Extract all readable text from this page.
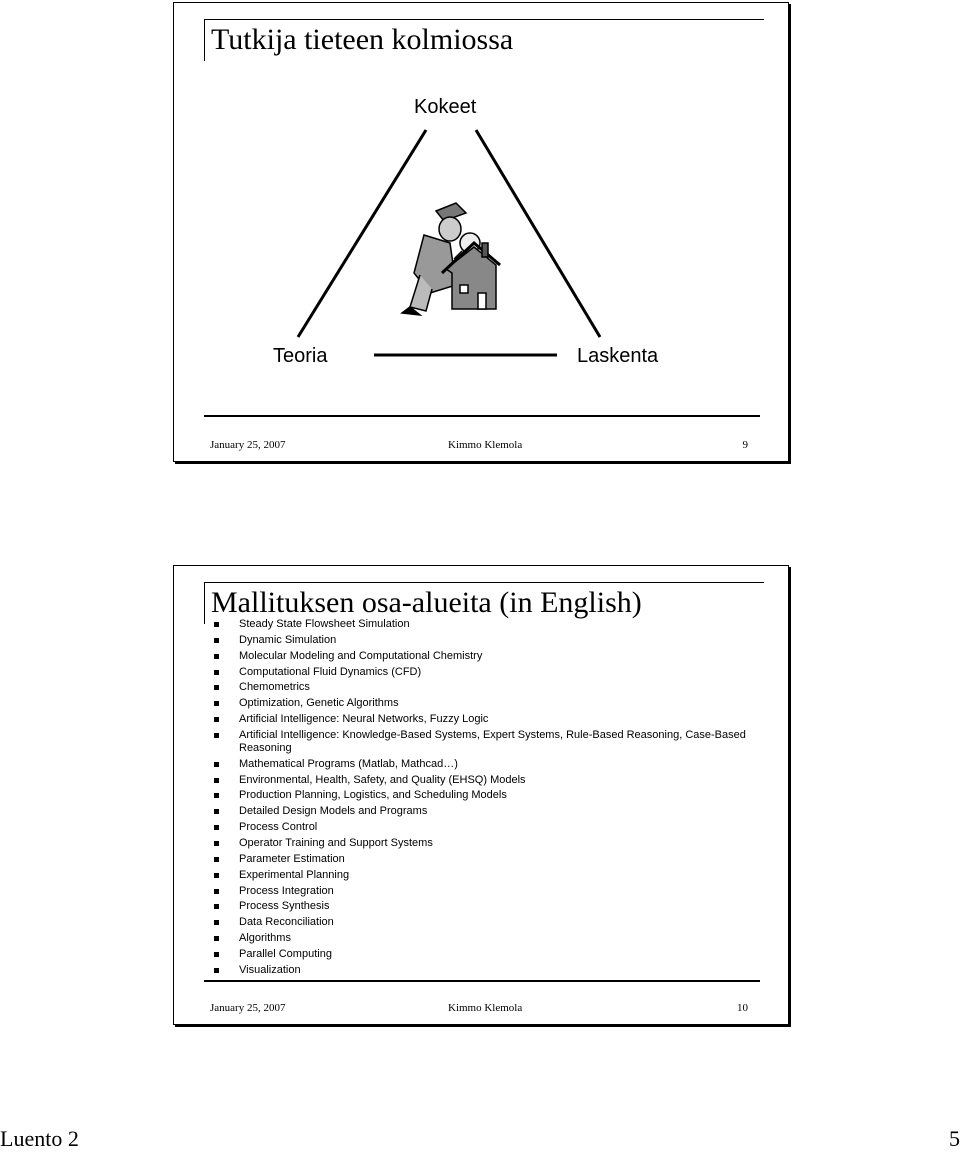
Tutkija tieteen kolmiossa
Kokeet
Teoria	Laskenta
January 25, 2007	Kimmo Klemola	9
Mallituksen osa-alueita (in English)
Steady State Flowsheet Simulation
Dynamic Simulation
Molecular Modeling and Computational Chemistry
Computational Fluid Dynamics (CFD)
Chemometrics
Optimization, Genetic Algorithms
Artificial Intelligence: Neural Networks, Fuzzy Logic
Artificial Intelligence: Knowledge-Based Systems, Expert Systems, Rule-Based Reasoning, Case-Based Reasoning
Mathematical Programs (Matlab, Mathcad…)
Environmental, Health, Safety, and Quality (EHSQ) Models
Production Planning, Logistics, and Scheduling Models
Detailed Design Models and Programs
Process Control
Operator Training and Support Systems
Parameter Estimation
Experimental Planning
Process Integration
Process Synthesis
Data Reconciliation
Algorithms
Parallel Computing
Visualization
January 25, 2007	Kimmo Klemola	10
Luento 2	5
